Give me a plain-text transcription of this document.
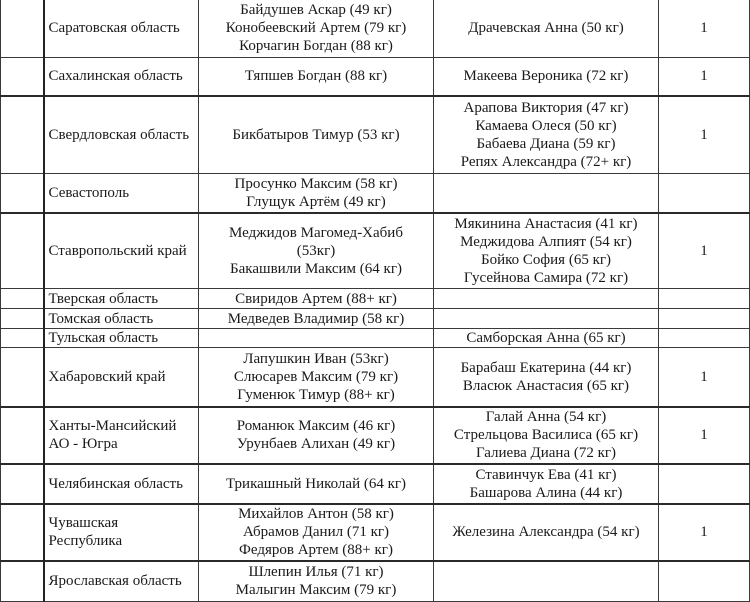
	Саратовская область	Байдушев Аскар (49 кг)
Конобеевский Артем (79 кг)
Корчагин Богдан (88 кг)	Драчевская Анна (50 кг)	1
	Сахалинская область	Тяпшев Богдан (88 кг)	Макеева Вероника (72 кг)	1
	Свердловская область	Бикбатыров Тимур (53 кг)	Арапова Виктория (47 кг)
Камаева Олеся (50 кг)
Бабаева Диана (59 кг)
Репях Александра (72+ кг)	1
	Севастополь	Просунко Максим (58 кг)
Глущук Артём (49 кг)		

	Ставропольский край	Меджидов Магомед-Хабиб
(53кг)
Бакашвили Максим (64 кг)	Мякинина Анастасия (41 кг)
Меджидова Алпият (54 кг)
Бойко София (65 кг)
Гусейнова Самира (72 кг)	1
	Тверская область	Свиридов Артем (88+ кг)		

	Томская область	Медведев Владимир (58 кг)		

	Тульская область		Самборская Анна (65 кг)	

	Хабаровский край	Лапушкин Иван (53кг)
Слюсарев Максим (79 кг)
Гуменюк Тимур (88+ кг)	Барабаш Екатерина (44 кг)
Власюк Анастасия (65 кг)	1
	Ханты-Мансийский АО - Югра	Романюк Максим (46 кг)
Урунбаев Алихан (49 кг)	Галай Анна (54 кг)
Стрельцова Василиса (65 кг)
Галиева Диана (72 кг)	1
	Челябинская область	Трикашный Николай (64 кг)	Ставинчук Ева (41 кг)
Башарова Алина (44 кг)	

	Чувашская Республика	Михайлов Антон (58 кг)
Абрамов Данил (71 кг)
Федяров Артем (88+ кг)	Железина Александра (54 кг)	1
	Ярославская область	Шлепин Илья (71 кг)
Малыгин Максим (79 кг)		
